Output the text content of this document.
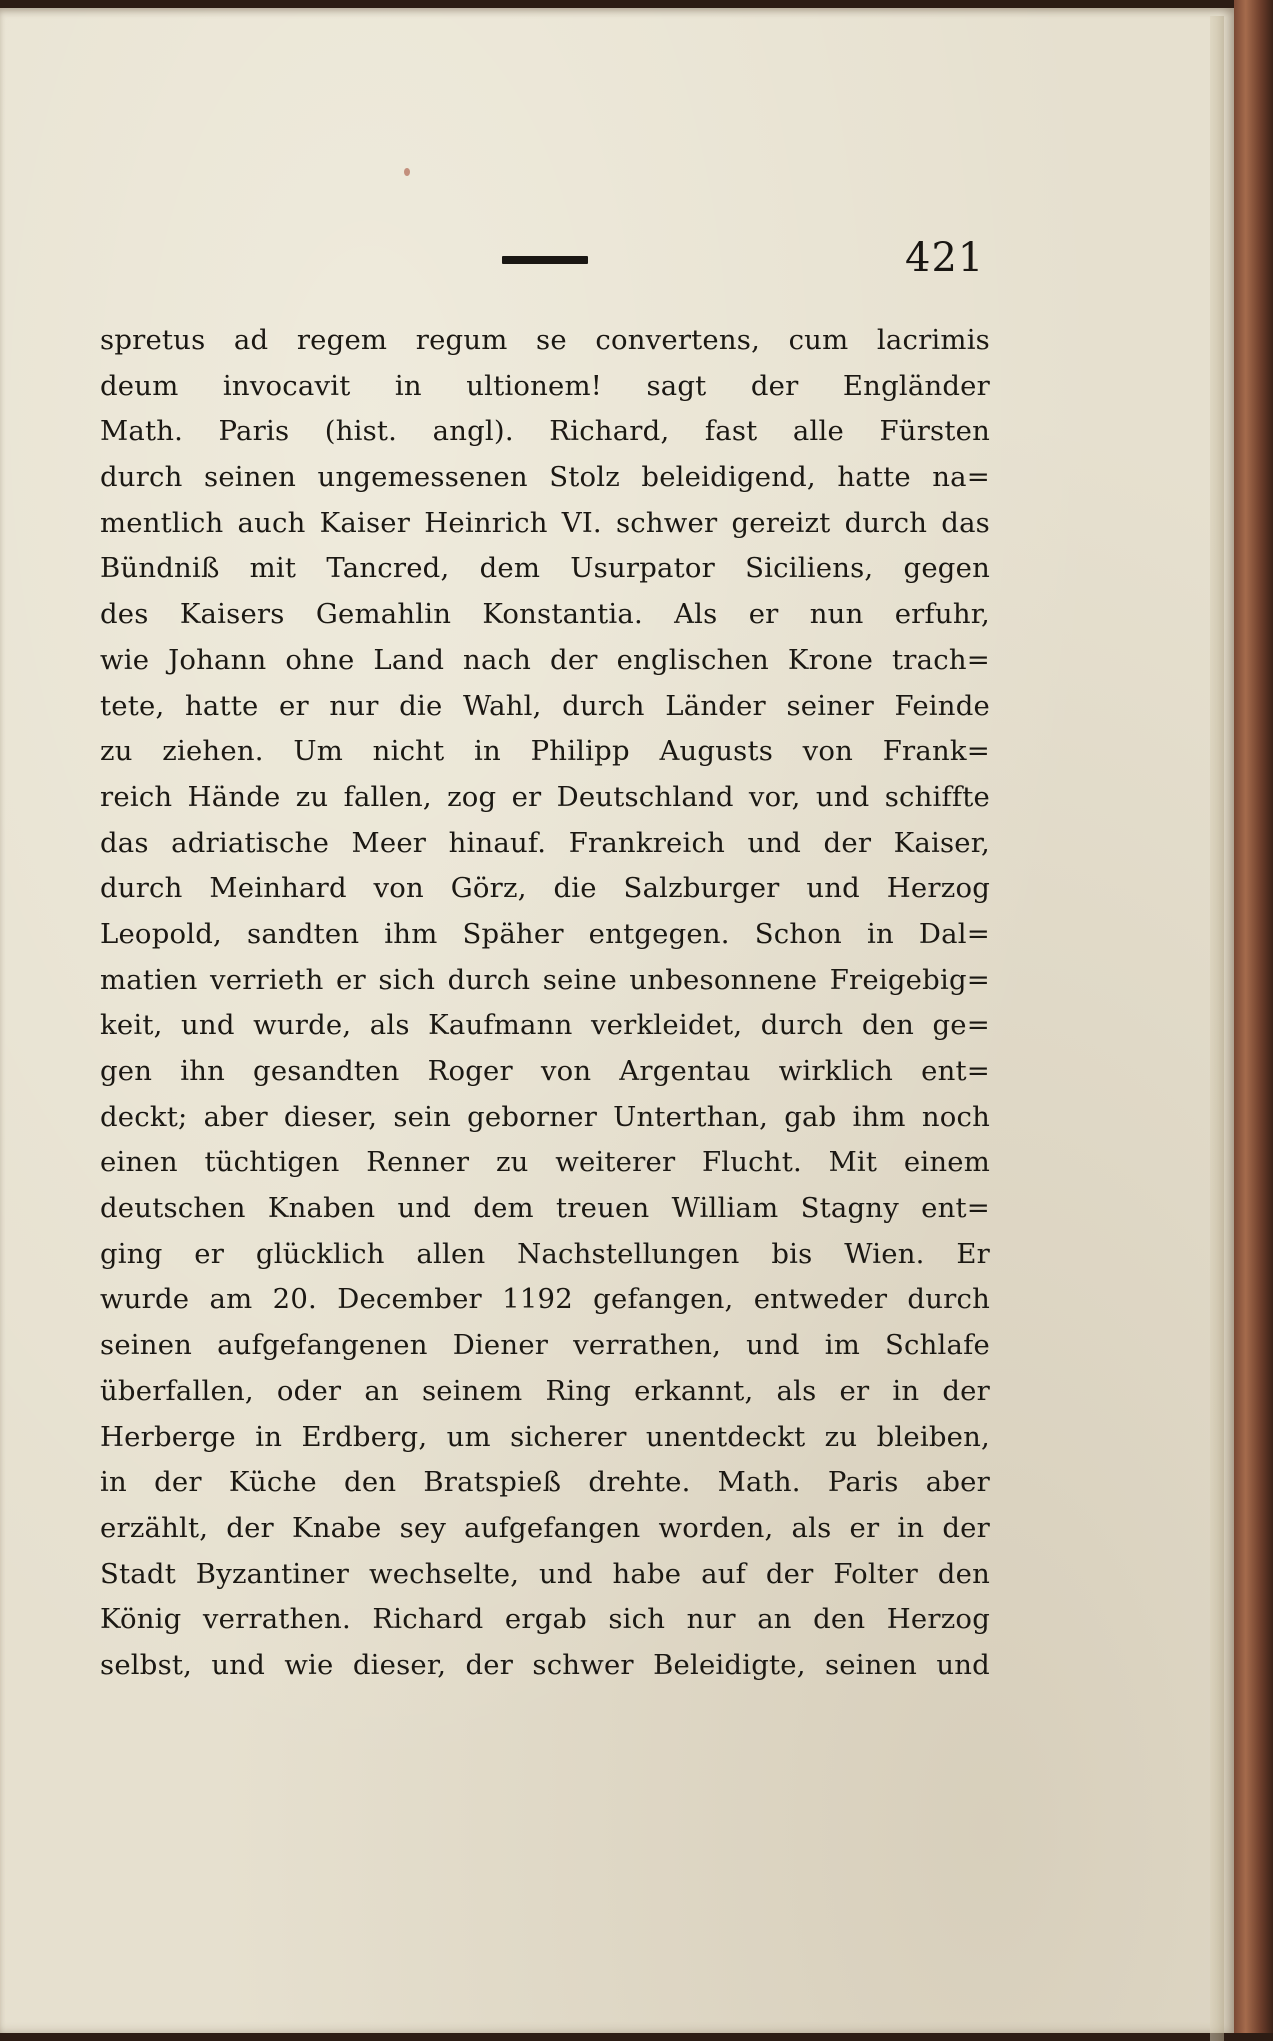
421
spretus ad regem regum se convertens, cum lacrimis
deum invocavit in ultionem! sagt der Engländer
Math. Paris (hist. angl). Richard, fast alle Fürsten
durch seinen ungemessenen Stolz beleidigend, hatte na=
mentlich auch Kaiser Heinrich VI. schwer gereizt durch das
Bündniß mit Tancred, dem Usurpator Siciliens, gegen
des Kaisers Gemahlin Konstantia. Als er nun erfuhr,
wie Johann ohne Land nach der englischen Krone trach=
tete, hatte er nur die Wahl, durch Länder seiner Feinde
zu ziehen. Um nicht in Philipp Augusts von Frank=
reich Hände zu fallen, zog er Deutschland vor, und schiffte
das adriatische Meer hinauf. Frankreich und der Kaiser,
durch Meinhard von Görz, die Salzburger und Herzog
Leopold, sandten ihm Späher entgegen. Schon in Dal=
matien verrieth er sich durch seine unbesonnene Freigebig=
keit, und wurde, als Kaufmann verkleidet, durch den ge=
gen ihn gesandten Roger von Argentau wirklich ent=
deckt; aber dieser, sein geborner Unterthan, gab ihm noch
einen tüchtigen Renner zu weiterer Flucht. Mit einem
deutschen Knaben und dem treuen William Stagny ent=
ging er glücklich allen Nachstellungen bis Wien. Er
wurde am 20. December 1192 gefangen, entweder durch
seinen aufgefangenen Diener verrathen, und im Schlafe
überfallen, oder an seinem Ring erkannt, als er in der
Herberge in Erdberg, um sicherer unentdeckt zu bleiben,
in der Küche den Bratspieß drehte. Math. Paris aber
erzählt, der Knabe sey aufgefangen worden, als er in der
Stadt Byzantiner wechselte, und habe auf der Folter den
König verrathen. Richard ergab sich nur an den Herzog
selbst, und wie dieser, der schwer Beleidigte, seinen und
